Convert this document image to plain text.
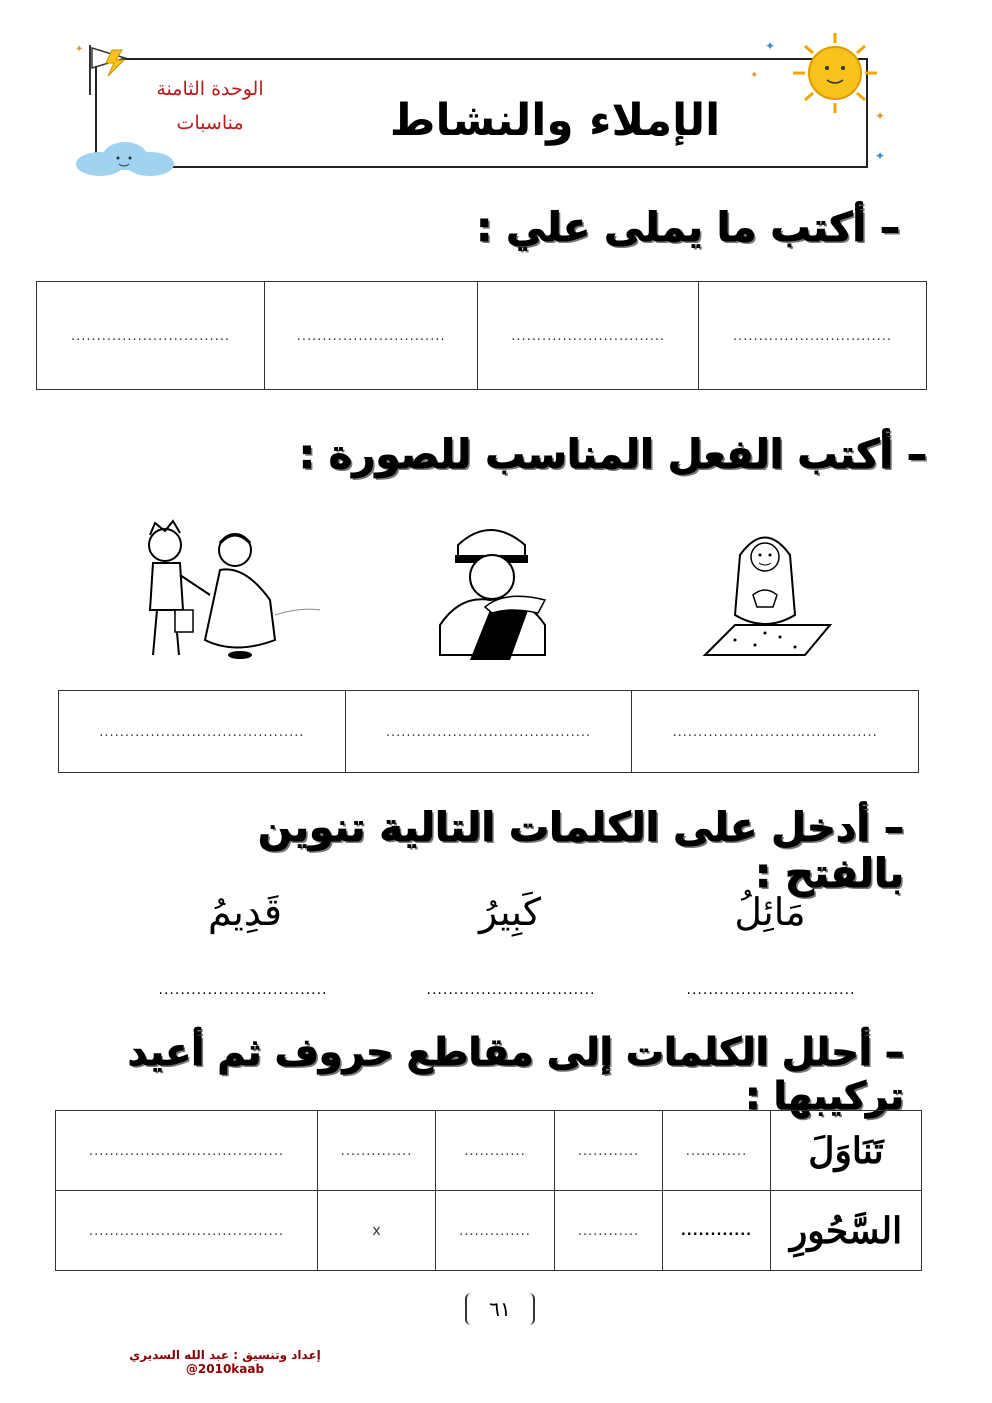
✦	✦
✦
✦
✦
الوحدة الثامنة
مناسبات	الإملاء والنشاط
– أكتب ما يملى علي :
...............................	..............................	.............................	...............................
– أكتب الفعل المناسب للصورة :
........................................	........................................	........................................
– أدخل على الكلمات التالية تنوين بالفتح :
مَائِلُ
كَبِيرُ
قَدِيمُ
...............................
...............................
...............................
– أحلل الكلمات إلى مقاطع حروف ثم أعيد تركيبها :
تَنَاوَلَ	............	............	............	..............	......................................
السَّحُورِ	............	............	..............	x	......................................
٦١
إعداد وتنسيق : عبد الله السديري 2010kaab@
